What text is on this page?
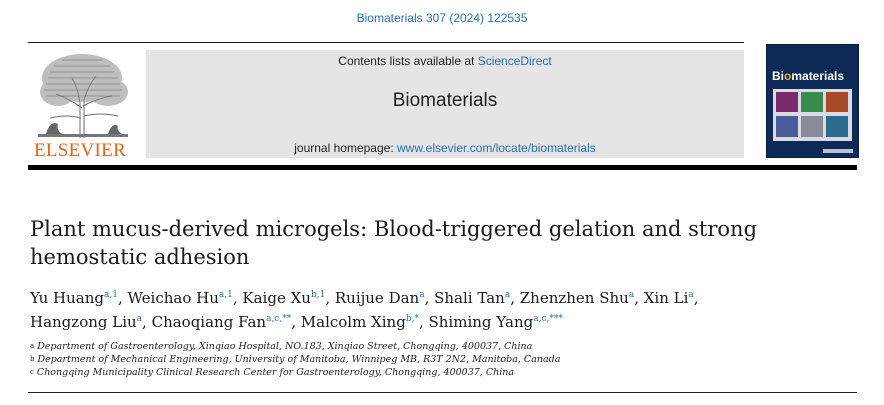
Biomaterials 307 (2024) 122535
ELSEVIER
Contents lists available at ScienceDirect
Biomaterials
journal homepage: www.elsevier.com/locate/biomaterials
Biomaterials
Plant mucus-derived microgels: Blood-triggered gelation and strong
hemostatic adhesion
Yu Huang$^{a,1}$, Weichao Hu$^{a,1}$, Kaige Xu$^{b,1}$, Ruijue Dan$^a$, Shali Tan$^a$, Zhenzhen Shu$^a$, Xin Li$^a$,
Hangzong Liu$^a$, Chaoqiang Fan$^{a,c,**}$, Malcolm Xing$^{b,*}$, Shiming Yang$^{a,c,***}$
$^a$ Department of Gastroenterology, Xinqiao Hospital, NO.183, Xinqiao Street, Chongqing, 400037, China
$^b$ Department of Mechanical Engineering, University of Manitoba, Winnipeg MB, R3T 2N2, Manitoba, Canada
$^c$ Chongqing Municipality Clinical Research Center for Gastroenterology, Chongqing, 400037, China
